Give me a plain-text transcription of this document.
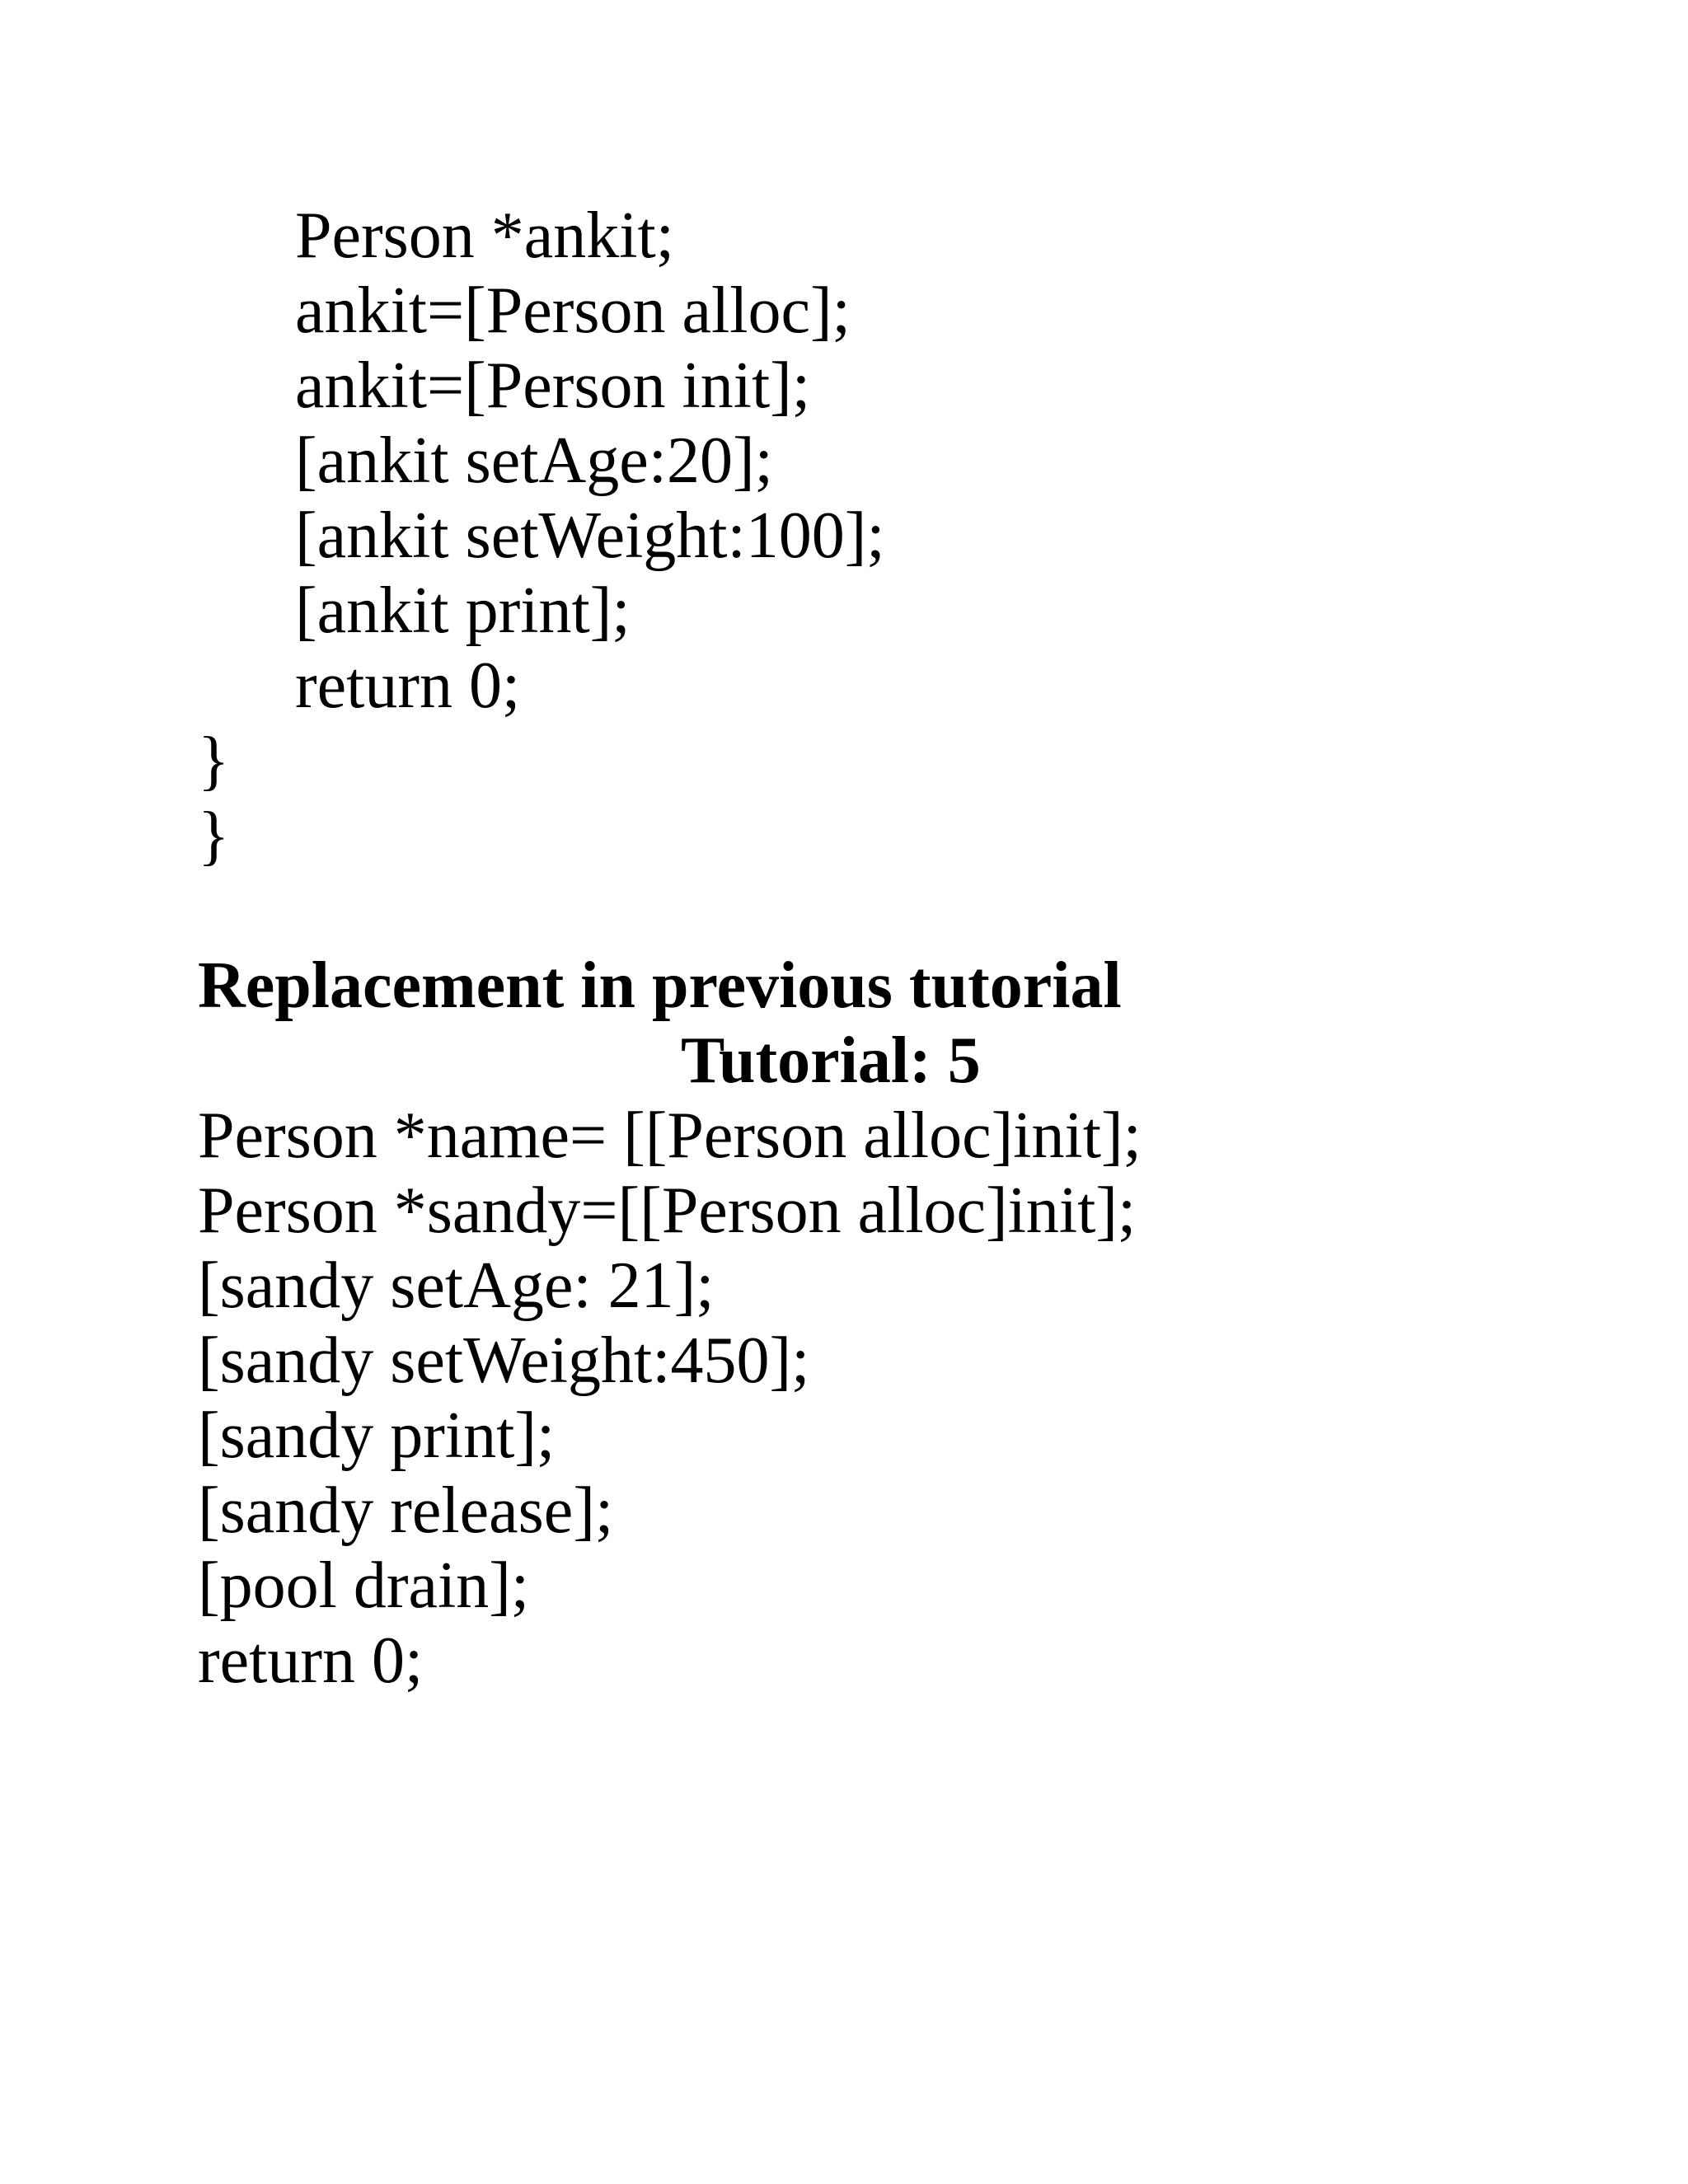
Person *ankit;
ankit=[Person alloc];
ankit=[Person init];
[ankit setAge:20];
[ankit setWeight:100];
[ankit print];
return 0;
}
}
Replacement in previous tutorial
Tutorial: 5
Person *name= [[Person alloc]init];
Person *sandy=[[Person alloc]init];
[sandy setAge: 21];
[sandy setWeight:450];
[sandy print];
[sandy release];
[pool drain];
return 0;
